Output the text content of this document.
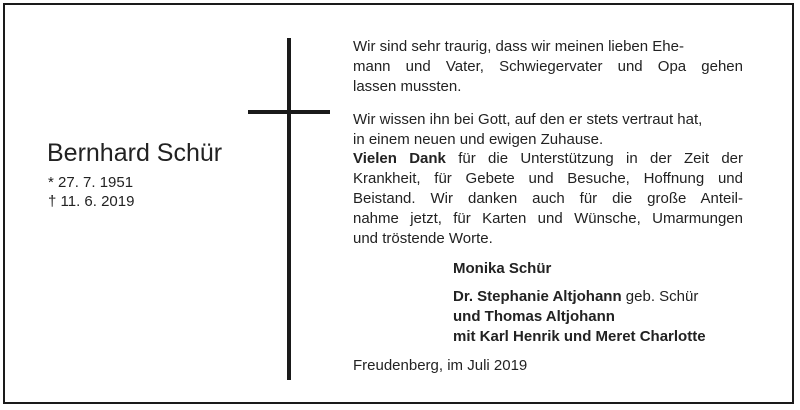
Bernhard Schür
* 27. 7. 1951
† 11. 6. 2019
Wir sind sehr traurig, dass wir meinen lieben Ehe-
mann und Vater, Schwiegervater und Opa gehen
lassen mussten.
Wir wissen ihn bei Gott, auf den er stets vertraut hat,
in einem neuen und ewigen Zuhause.
Vielen Dank für die Unterstützung in der Zeit der
Krankheit, für Gebete und Besuche, Hoffnung und
Beistand. Wir danken auch für die große Anteil-
nahme jetzt, für Karten und Wünsche, Umarmungen
und tröstende Worte.
Monika Schür
Dr. Stephanie Altjohann geb. Schür
und Thomas Altjohann
mit Karl Henrik und Meret Charlotte
Freudenberg, im Juli 2019
